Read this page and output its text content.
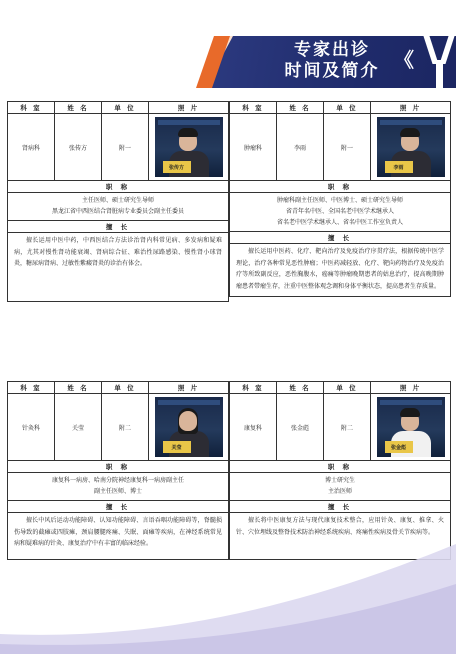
专家出诊
时间及简介 《
科 室	姓 名	单 位	照 片
肾病科	张传方	附一
张传方
职 称
主任医师、硕士研究生导师
黑龙江省中西医结合肾脏病专业委员会副主任委员
擅 长
擅长运用中医中药，中西医结合方法诊治肾内科常见病、多发病和疑难病，尤其对慢性肾功能衰竭、肾病综合征、难治性尿路感染、慢性肾小球肾炎，糖尿病肾病、过敏性紫癜肾炎的诊治有体会。
科 室	姓 名	单 位	照 片
肿瘤科	李雨	附一
李雨
职 称
肿瘤科副主任医师、中医博士、硕士研究生导师
省青年名中医、全国名老中医学术继承人
省名老中医学术继承人、省名中医工作室负责人
擅 长
擅长运用中医药、化疗、靶向治疗及免疫治疗序贯疗法，根据传统中医学理论，治疗各种常见恶性肿瘤；中医药减轻放、化疗、靶向药物治疗及免疫治疗等所致副反应，恶性胸腹水，癌痛等肿瘤晚期患者的姑息治疗，提高晚期肿瘤患者带瘤生存，注重中医整体观念调和身体平衡状态，提高患者生存质量。
科 室	姓 名	单 位	照 片
针灸科	关莹	附二
关莹
职 称
康复科一病房、哈南分院神经康复科一病房副主任
副主任医师、博士
擅 长
擅长中风后运动功能障碍、认知功能障碍、言语吞咽功能障碍等，脊髓损伤导致的截瘫或四肢瘫，颈肩腰腿疼痛、失眠、面瘫等疾病，在神经系统常见病和疑难病的针灸、康复治疗中有丰富的临床经验。
科 室	姓 名	单 位	照 片
康复科	张金彪	附二
张金彪
职 称
博士研究生
主治医师
擅 长
擅长将中医康复方法与现代康复技术整合，应用针灸、康复、推拿、火针、穴位埋线及整脊技术防治神经系统疾病、疼痛性疾病及骨关节疾病等。
